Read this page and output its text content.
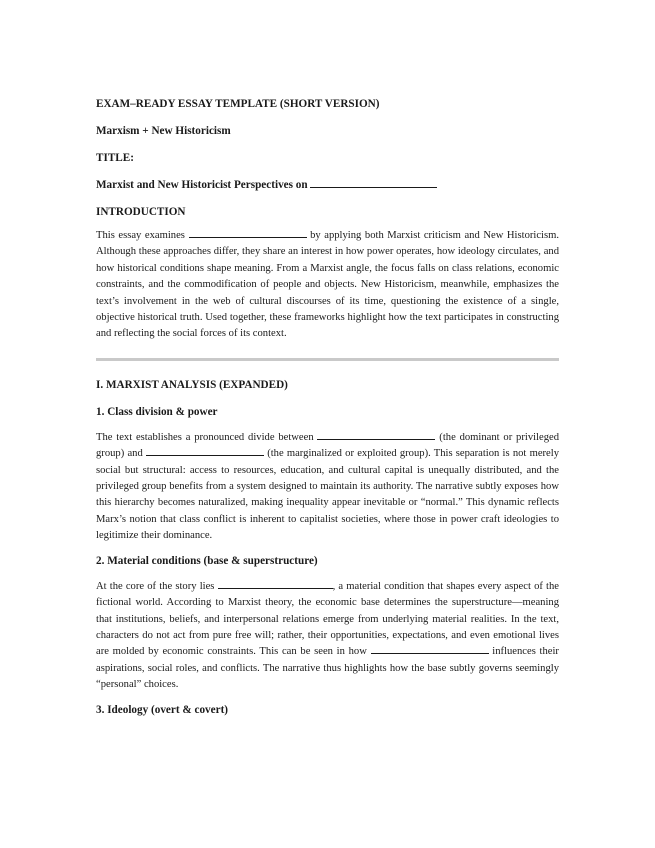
EXAM–READY ESSAY TEMPLATE (SHORT VERSION)

Marxism + New Historicism

TITLE:

Marxist and New Historicist Perspectives on

INTRODUCTION

This essay examines	by applying both Marxist criticism and New Historicism. Although these approaches differ, they share an interest in how power operates, how ideology circulates, and how historical conditions shape meaning. From a Marxist angle, the focus falls on class relations, economic constraints, and the commodification of people and objects. New Historicism, meanwhile, emphasizes the text’s involvement in the web of cultural discourses of its time, questioning the existence of a single, objective historical truth. Used together, these frameworks highlight how the text participates in constructing and reflecting the social forces of its context.

I. MARXIST ANALYSIS (EXPANDED)

1. Class division & power

The text establishes a pronounced divide between	(the dominant or privileged group) and	(the marginalized or exploited group). This separation is not merely social but structural: access to resources, education, and cultural capital is unequally distributed, and the privileged group benefits from a system designed to maintain its authority. The narrative subtly exposes how this hierarchy becomes naturalized, making inequality appear inevitable or “normal.” This dynamic reflects Marx’s notion that class conflict is inherent to capitalist societies, where those in power craft ideologies to legitimize their dominance.

2. Material conditions (base & superstructure)

At the core of the story lies	, a material condition that shapes every aspect of the fictional world. According to Marxist theory, the economic base determines the superstructure—meaning that institutions, beliefs, and interpersonal relations emerge from underlying material realities. In the text, characters do not act from pure free will; rather, their opportunities, expectations, and even emotional lives are molded by economic constraints. This can be seen in how	influences their aspirations, social roles, and conflicts. The narrative thus highlights how the base subtly governs seemingly “personal” choices.

3. Ideology (overt & covert)
